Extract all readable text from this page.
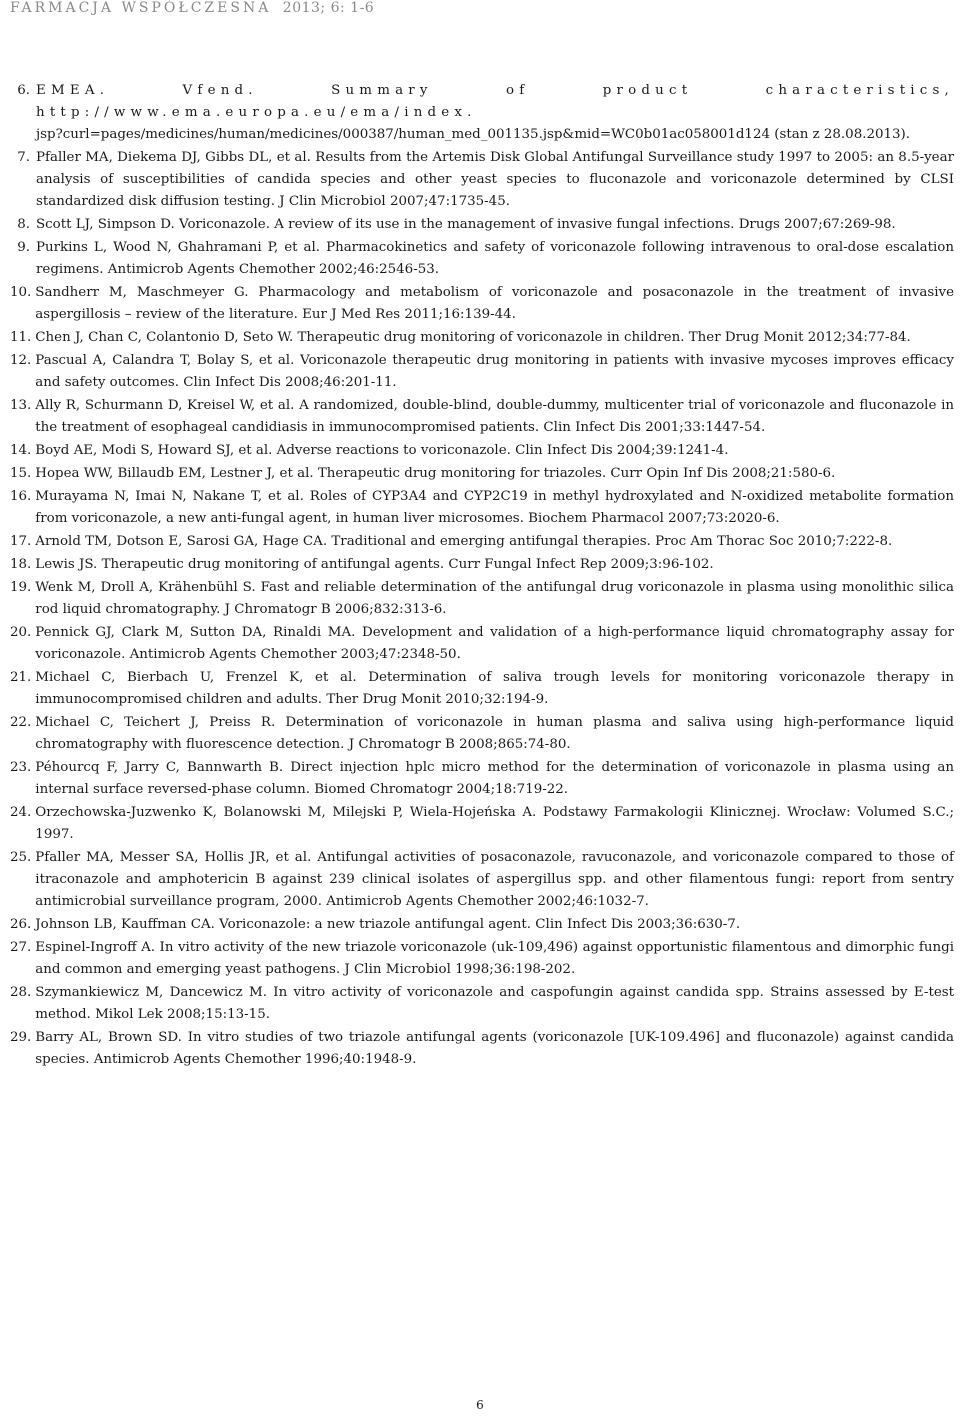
FARMACJA WSPÓŁCZESNA 2013; 6: 1-6
6. EMEA. Vfend. Summary of product characteristics, http://www.ema.europa.eu/ema/index.
jsp?curl=pages/medicines/human/medicines/000387/human_med_001135.jsp&mid=WC0b01ac058001d124 (stan z 28.08.2013).
7. Pfaller MA, Diekema DJ, Gibbs DL, et al. Results from the Artemis Disk Global Antifungal Surveillance study 1997 to 2005: an 8.5-year analysis of susceptibilities of candida species and other yeast species to fluconazole and voriconazole determined by CLSI standardized disk diffusion testing. J Clin Microbiol 2007;47:1735-45.
8. Scott LJ, Simpson D. Voriconazole. A review of its use in the management of invasive fungal infections. Drugs 2007;67:269-98.
9. Purkins L, Wood N, Ghahramani P, et al. Pharmacokinetics and safety of voriconazole following intravenous to oral-dose escalation regimens. Antimicrob Agents Chemother 2002;46:2546-53.
10. Sandherr M, Maschmeyer G. Pharmacology and metabolism of voriconazole and posaconazole in the treatment of invasive aspergillosis – review of the literature. Eur J Med Res 2011;16:139-44.
11. Chen J, Chan C, Colantonio D, Seto W. Therapeutic drug monitoring of voriconazole in children. Ther Drug Monit 2012;34:77-84.
12. Pascual A, Calandra T, Bolay S, et al. Voriconazole therapeutic drug monitoring in patients with invasive mycoses improves efficacy and safety outcomes. Clin Infect Dis 2008;46:201-11.
13. Ally R, Schurmann D, Kreisel W, et al. A randomized, double-blind, double-dummy, multicenter trial of voriconazole and fluconazole in the treatment of esophageal candidiasis in immunocompromised patients. Clin Infect Dis 2001;33:1447-54.
14. Boyd AE, Modi S, Howard SJ, et al. Adverse reactions to voriconazole. Clin Infect Dis 2004;39:1241-4.
15. Hopea WW, Billaudb EM, Lestner J, et al. Therapeutic drug monitoring for triazoles. Curr Opin Inf Dis 2008;21:580-6.
16. Murayama N, Imai N, Nakane T, et al. Roles of CYP3A4 and CYP2C19 in methyl hydroxylated and N-oxidized metabolite formation from voriconazole, a new anti-fungal agent, in human liver microsomes. Biochem Pharmacol 2007;73:2020-6.
17. Arnold TM, Dotson E, Sarosi GA, Hage CA. Traditional and emerging antifungal therapies. Proc Am Thorac Soc 2010;7:222-8.
18. Lewis JS. Therapeutic drug monitoring of antifungal agents. Curr Fungal Infect Rep 2009;3:96-102.
19. Wenk M, Droll A, Krähenbühl S. Fast and reliable determination of the antifungal drug voriconazole in plasma using monolithic silica rod liquid chromatography. J Chromatogr B 2006;832:313-6.
20. Pennick GJ, Clark M, Sutton DA, Rinaldi MA. Development and validation of a high-performance liquid chromatography assay for voriconazole. Antimicrob Agents Chemother 2003;47:2348-50.
21. Michael C, Bierbach U, Frenzel K, et al. Determination of saliva trough levels for monitoring voriconazole therapy in immunocompromised children and adults. Ther Drug Monit 2010;32:194-9.
22. Michael C, Teichert J, Preiss R. Determination of voriconazole in human plasma and saliva using high-performance liquid chromatography with fluorescence detection. J Chromatogr B 2008;865:74-80.
23. Péhourcq F, Jarry C, Bannwarth B. Direct injection hplc micro method for the determination of voriconazole in plasma using an internal surface reversed-phase column. Biomed Chromatogr 2004;18:719-22.
24. Orzechowska-Juzwenko K, Bolanowski M, Milejski P, Wiela-Hojeńska A. Podstawy Farmakologii Klinicznej. Wrocław: Volumed S.C.; 1997.
25. Pfaller MA, Messer SA, Hollis JR, et al. Antifungal activities of posaconazole, ravuconazole, and voriconazole compared to those of itraconazole and amphotericin B against 239 clinical isolates of aspergillus spp. and other filamentous fungi: report from sentry antimicrobial surveillance program, 2000. Antimicrob Agents Chemother 2002;46:1032-7.
26. Johnson LB, Kauffman CA. Voriconazole: a new triazole antifungal agent. Clin Infect Dis 2003;36:630-7.
27. Espinel-Ingroff A. In vitro activity of the new triazole voriconazole (uk-109,496) against opportunistic filamentous and dimorphic fungi and common and emerging yeast pathogens. J Clin Microbiol 1998;36:198-202.
28. Szymankiewicz M, Dancewicz M. In vitro activity of voriconazole and caspofungin against candida spp. Strains assessed by E-test method. Mikol Lek 2008;15:13-15.
29. Barry AL, Brown SD. In vitro studies of two triazole antifungal agents (voriconazole [UK-109.496] and fluconazole) against candida species. Antimicrob Agents Chemother 1996;40:1948-9.
6
